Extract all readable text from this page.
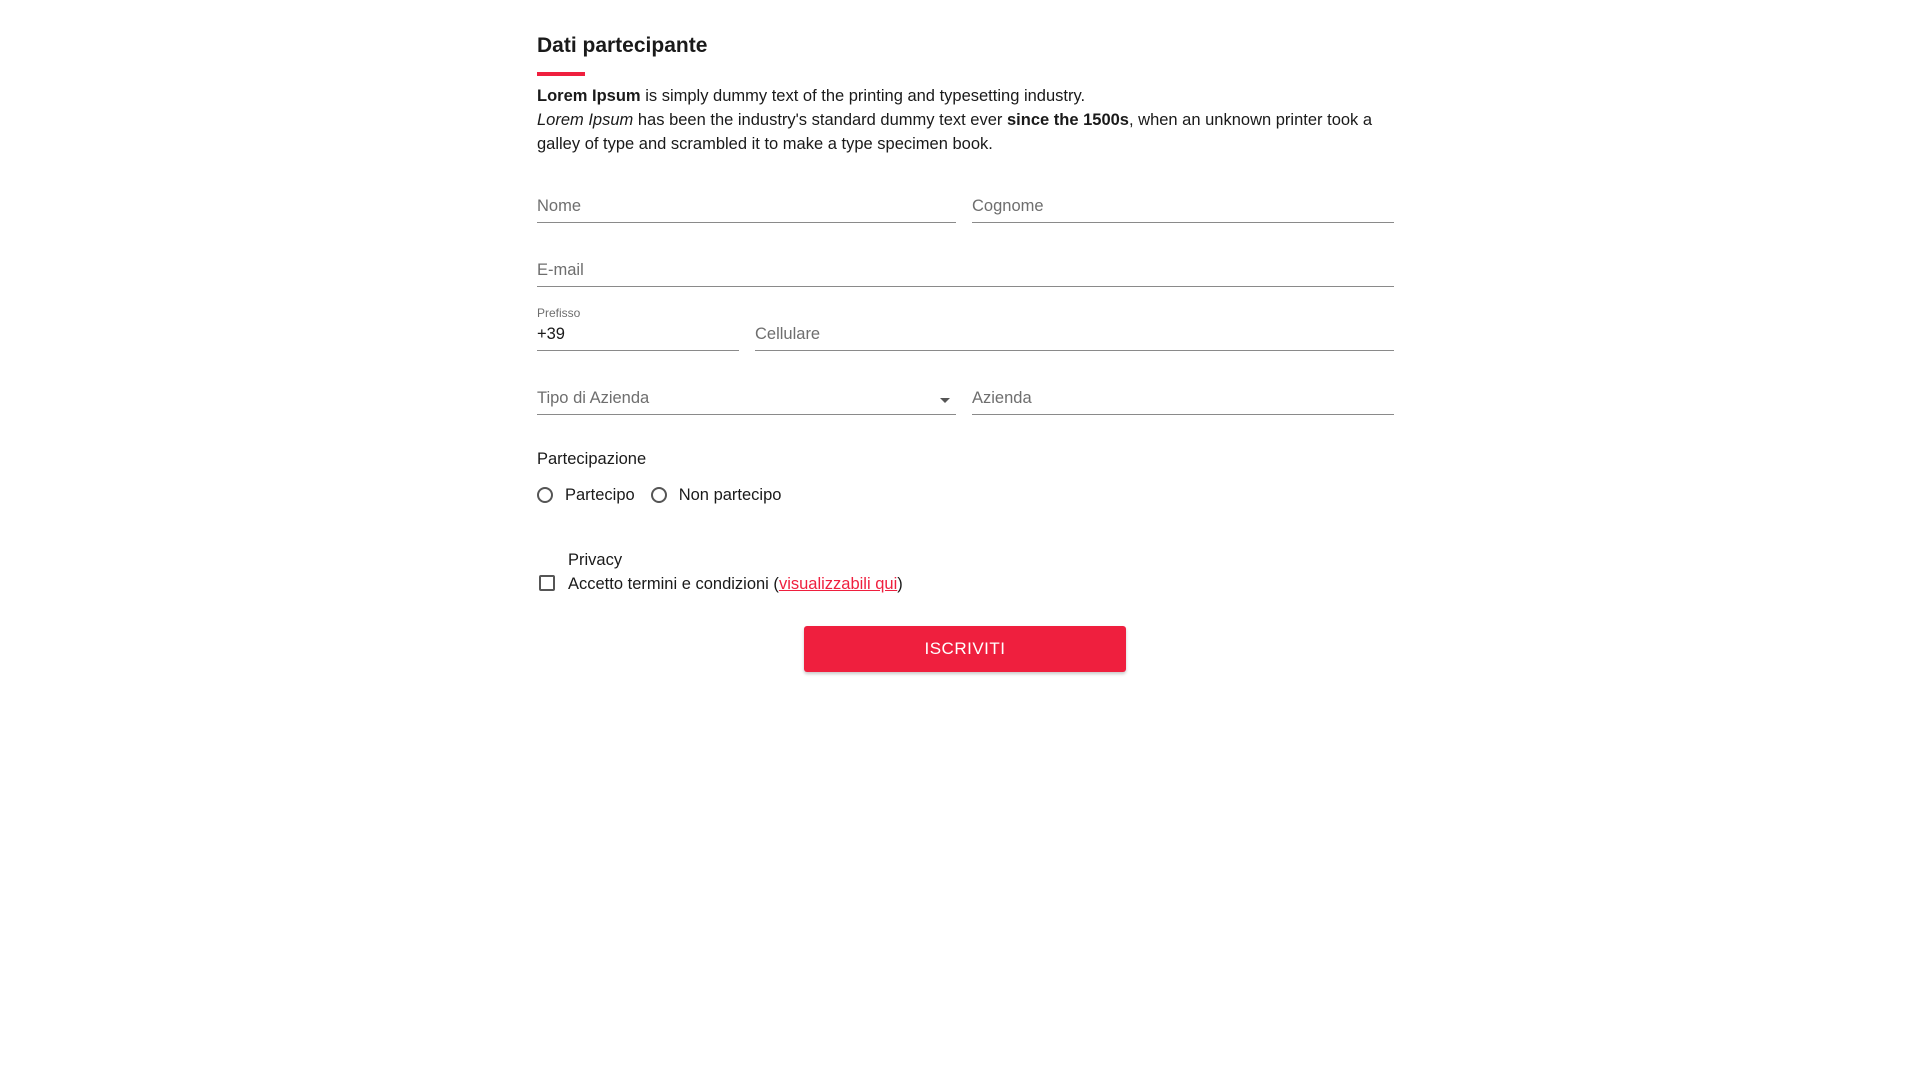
Dati partecipante
Lorem Ipsum is simply dummy text of the printing and typesetting industry.
Lorem Ipsum has been the industry's standard dummy text ever since the 1500s, when an unknown printer took a galley of type and scrambled it to make a type specimen book.
Nome
Cognome
E-mail
Prefisso
+39
Cellulare
Tipo di Azienda
Azienda
Partecipazione
Partecipo	Non partecipo
Privacy
Accetto termini e condizioni (visualizzabili qui)
ISCRIVITI
